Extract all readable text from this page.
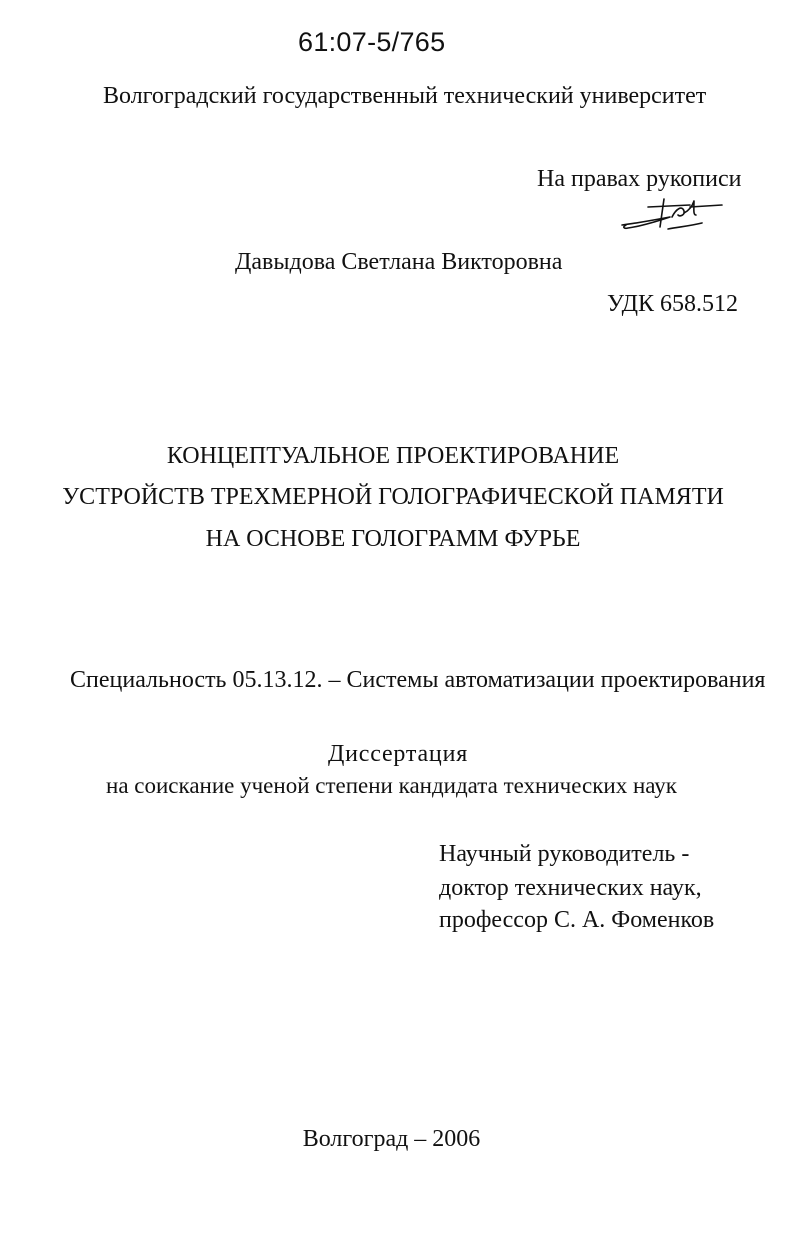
61:07-5/765
Волгоградский государственный технический университет
На правах рукописи
Давыдова Светлана Викторовна
УДК 658.512
КОНЦЕПТУАЛЬНОЕ ПРОЕКТИРОВАНИЕ
УСТРОЙСТВ ТРЕХМЕРНОЙ ГОЛОГРАФИЧЕСКОЙ ПАМЯТИ
НА ОСНОВЕ ГОЛОГРАММ ФУРЬЕ
Специальность 05.13.12. – Системы автоматизации проектирования
Диссертация
на соискание ученой степени кандидата технических наук
Научный руководитель -
доктор технических наук,
профессор С. А. Фоменков
Волгоград – 2006
